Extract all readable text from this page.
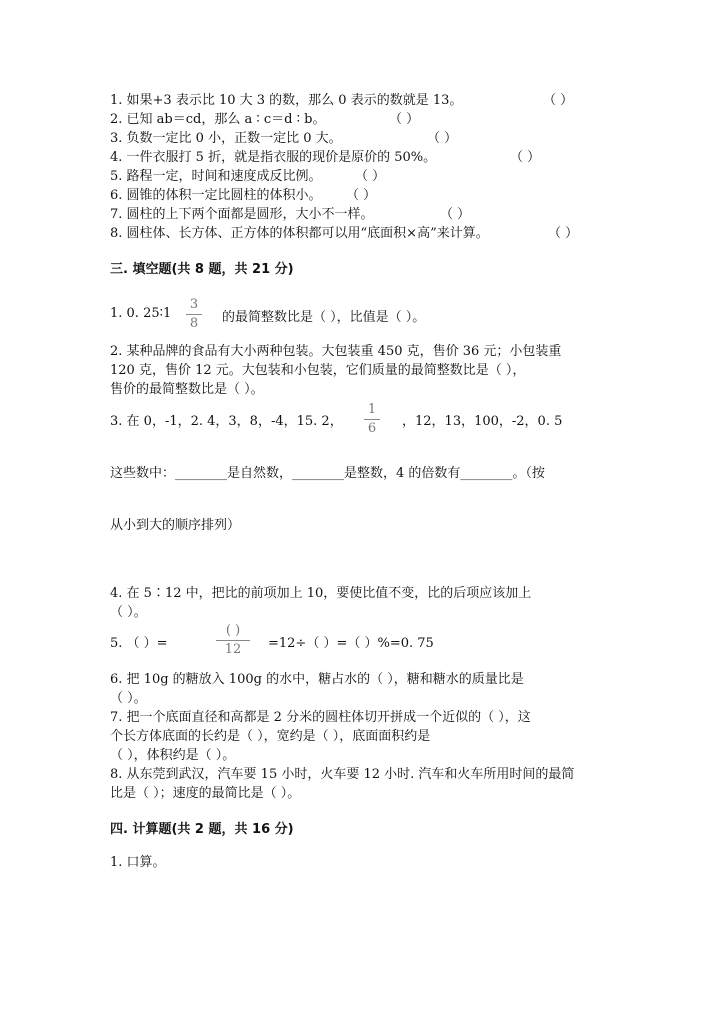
1. 如果+3 表示比 10 大 3 的数，那么 0 表示的数就是 13。	（ ）
2. 已知 ab＝cd，那么 a ∶ c＝d ∶ b。	（ ）
3. 负数一定比 0 小，正数一定比 0 大。	（ ）
4. 一件衣服打 5 折，就是指衣服的现价是原价的 50%。	（ ）
5. 路程一定，时间和速度成反比例。	（ ）
6. 圆锥的体积一定比圆柱的体积小。 （ ）
7. 圆柱的上下两个面都是圆形，大小不一样。	（ ）
8. 圆柱体、长方体、正方体的体积都可以用“底面积×高”来计算。	（ ）
三. 填空题(共 8 题，共 21 分)
1. 0. 25∶1
3
8 的最简整数比是（ ），比值是（ ）。
2. 某种品牌的食品有大小两种包装。大包装重 450 克，售价 36 元；小包装重
120 克，售价 12 元。大包装和小包装，它们质量的最简整数比是（ ），
售价的最简整数比是（ ）。
3. 在 0，-1，2. 4，3，8，-4，15. 2，
1
6 ，12，13，100，-2，0. 5
这些数中：________是自然数，________是整数，4 的倍数有________。（按
从小到大的顺序排列）
4. 在 5∶12 中，把比的前项加上 10，要使比值不变，比的后项应该加上
（ ）。
5. （ ）=
( )
12	=12÷（ ）=（ ）%=0. 75
6. 把 10g 的糖放入 100g 的水中，糖占水的（ ），糖和糖水的质量比是
（ ）。
7. 把一个底面直径和高都是 2 分米的圆柱体切开拼成一个近似的（ ），这
个长方体底面的长约是（ ），宽约是（ ），底面面积约是
（ ），体积约是（ ）。
8. 从东莞到武汉，汽车要 15 小时，火车要 12 小时. 汽车和火车所用时间的最简
比是（ ）；速度的最简比是（ ）。
四. 计算题(共 2 题，共 16 分)
1. 口算。
